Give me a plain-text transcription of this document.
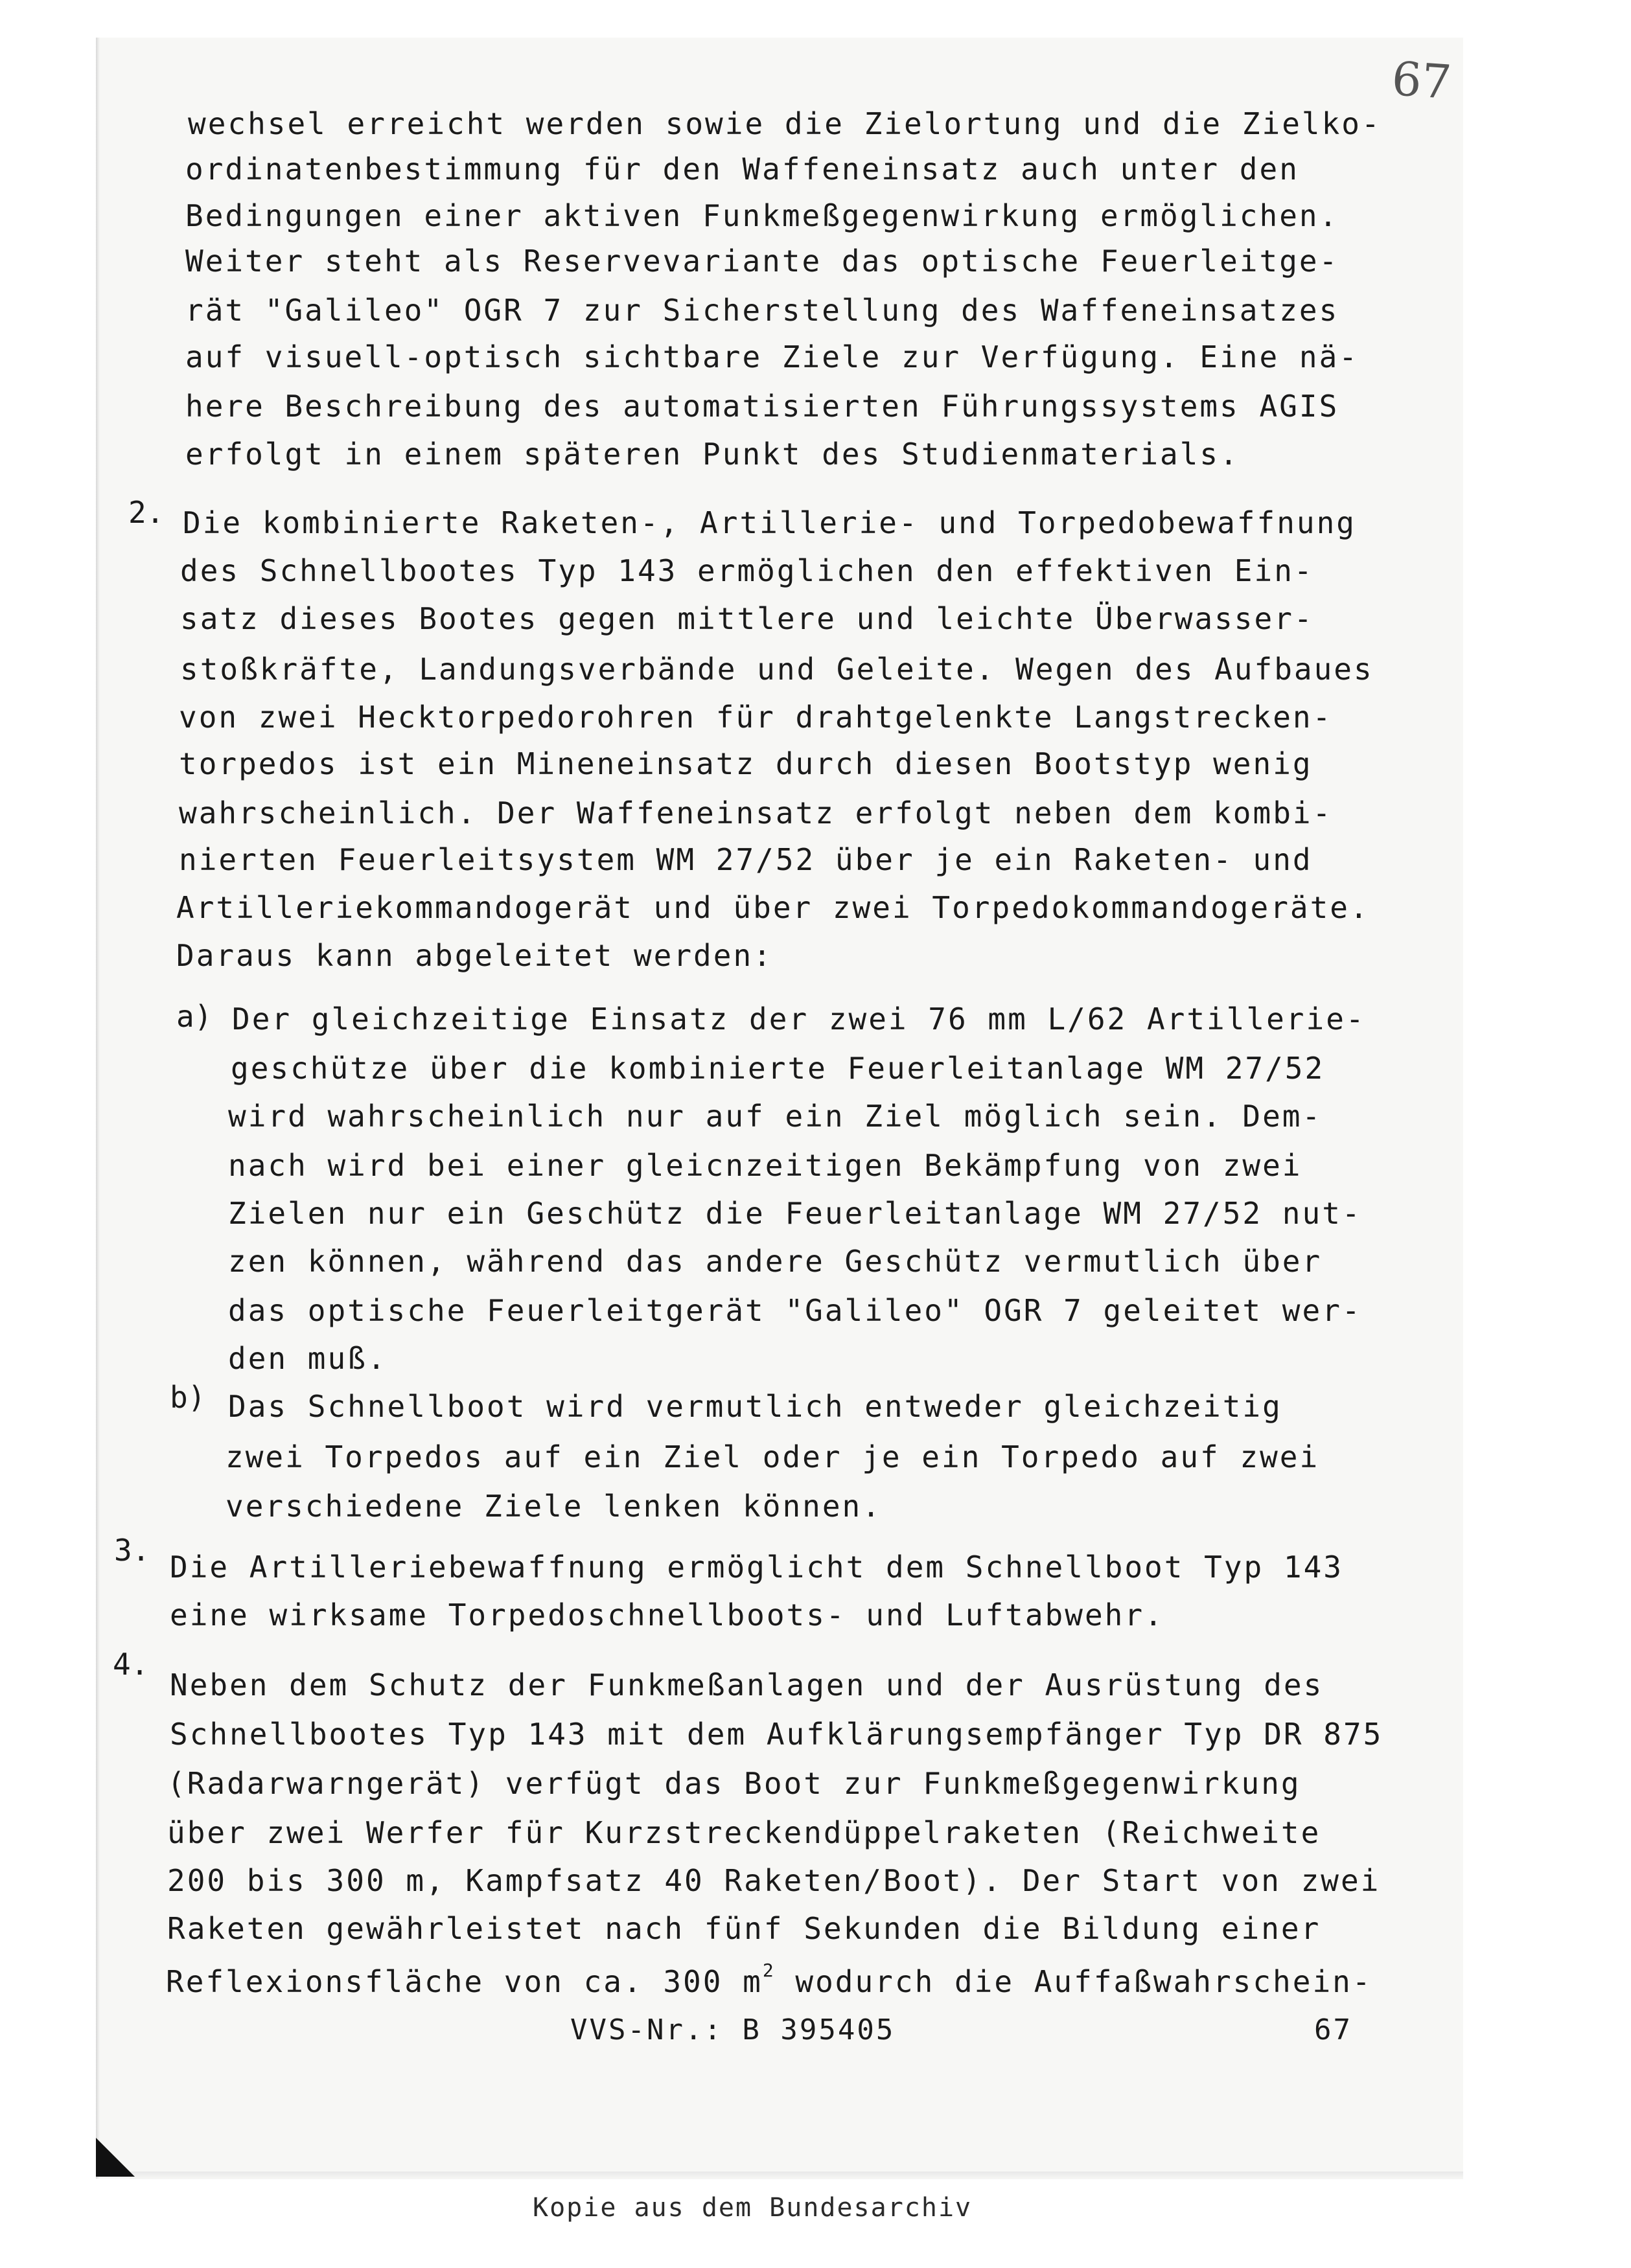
67
wechsel erreicht werden sowie die Zielortung und die Zielko-
ordinatenbestimmung für den Waffeneinsatz auch unter den
Bedingungen einer aktiven Funkmeßgegenwirkung ermöglichen.
Weiter steht als Reservevariante das optische Feuerleitge-
rät "Galileo" OGR 7 zur Sicherstellung des Waffeneinsatzes
auf visuell-optisch sichtbare Ziele zur Verfügung. Eine nä-
here Beschreibung des automatisierten Führungssystems AGIS
erfolgt in einem späteren Punkt des Studienmaterials.
2. Die kombinierte Raketen-, Artillerie- und Torpedobewaffnung
des Schnellbootes Typ 143 ermöglichen den effektiven Ein-
satz dieses Bootes gegen mittlere und leichte Überwasser-
stoßkräfte, Landungsverbände und Geleite. Wegen des Aufbaues
von zwei Hecktorpedorohren für drahtgelenkte Langstrecken-
torpedos ist ein Mineneinsatz durch diesen Bootstyp wenig
wahrscheinlich. Der Waffeneinsatz erfolgt neben dem kombi-
nierten Feuerleitsystem WM 27/52 über je ein Raketen- und
Artilleriekommandogerät und über zwei Torpedokommandogeräte.
Daraus kann abgeleitet werden:
a) Der gleichzeitige Einsatz der zwei 76 mm L/62 Artillerie-
geschütze über die kombinierte Feuerleitanlage WM 27/52
wird wahrscheinlich nur auf ein Ziel möglich sein. Dem-
nach wird bei einer gleicnzeitigen Bekämpfung von zwei
Zielen nur ein Geschütz die Feuerleitanlage WM 27/52 nut-
zen können, während das andere Geschütz vermutlich über
das optische Feuerleitgerät "Galileo" OGR 7 geleitet wer-
den muß.
b) Das Schnellboot wird vermutlich entweder gleichzeitig
zwei Torpedos auf ein Ziel oder je ein Torpedo auf zwei
verschiedene Ziele lenken können.
3. Die Artilleriebewaffnung ermöglicht dem Schnellboot Typ 143
eine wirksame Torpedoschnellboots- und Luftabwehr.
4.
Neben dem Schutz der Funkmeßanlagen und der Ausrüstung des
Schnellbootes Typ 143 mit dem Aufklärungsempfänger Typ DR 875
(Radarwarngerät) verfügt das Boot zur Funkmeßgegenwirkung
über zwei Werfer für Kurzstreckendüppelraketen (Reichweite
200 bis 300 m, Kampfsatz 40 Raketen/Boot). Der Start von zwei
Raketen gewährleistet nach fünf Sekunden die Bildung einer
Reflexionsfläche von ca. 300 $m^2$ wodurch die Auffaßwahrschein-
VVS-Nr.: B 395405	67
Kopie aus dem Bundesarchiv
